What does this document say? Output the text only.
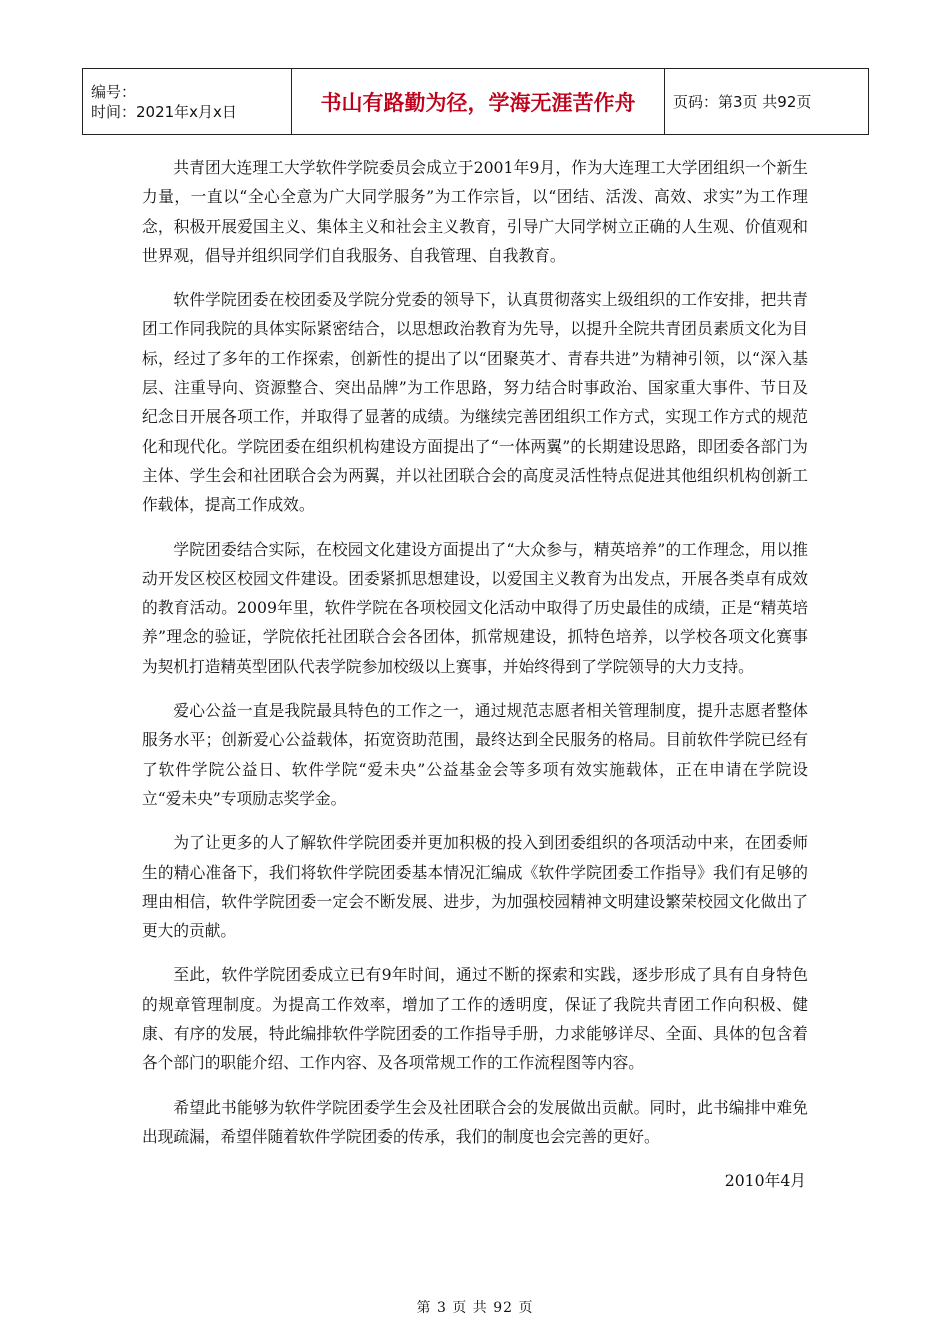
编号：
时间：2021年x月x日	书山有路勤为径，学海无涯苦作舟	页码：第3页 共92页

共青团大连理工大学软件学院委员会成立于2001年9月，作为大连理工大学团组织一个新生力量，一直以“全心全意为广大同学服务”为工作宗旨，以“团结、活泼、高效、求实”为工作理念，积极开展爱国主义、集体主义和社会主义教育，引导广大同学树立正确的人生观、价值观和世界观，倡导并组织同学们自我服务、自我管理、自我教育。

软件学院团委在校团委及学院分党委的领导下，认真贯彻落实上级组织的工作安排，把共青团工作同我院的具体实际紧密结合，以思想政治教育为先导，以提升全院共青团员素质文化为目标，经过了多年的工作探索，创新性的提出了以“团聚英才、青春共进”为精神引领，以“深入基层、注重导向、资源整合、突出品牌”为工作思路，努力结合时事政治、国家重大事件、节日及纪念日开展各项工作，并取得了显著的成绩。为继续完善团组织工作方式，实现工作方式的规范化和现代化。学院团委在组织机构建设方面提出了“一体两翼”的长期建设思路，即团委各部门为主体、学生会和社团联合会为两翼，并以社团联合会的高度灵活性特点促进其他组织机构创新工作载体，提高工作成效。

学院团委结合实际，在校园文化建设方面提出了“大众参与，精英培养”的工作理念，用以推动开发区校区校园文件建设。团委紧抓思想建设，以爱国主义教育为出发点，开展各类卓有成效的教育活动。2009年里，软件学院在各项校园文化活动中取得了历史最佳的成绩，正是“精英培养”理念的验证，学院依托社团联合会各团体，抓常规建设，抓特色培养，以学校各项文化赛事为契机打造精英型团队代表学院参加校级以上赛事，并始终得到了学院领导的大力支持。

爱心公益一直是我院最具特色的工作之一，通过规范志愿者相关管理制度，提升志愿者整体服务水平；创新爱心公益载体，拓宽资助范围，最终达到全民服务的格局。目前软件学院已经有了软件学院公益日、软件学院“爱未央”公益基金会等多项有效实施载体，正在申请在学院设立“爱未央”专项励志奖学金。

为了让更多的人了解软件学院团委并更加积极的投入到团委组织的各项活动中来，在团委师生的精心准备下，我们将软件学院团委基本情况汇编成《软件学院团委工作指导》我们有足够的理由相信，软件学院团委一定会不断发展、进步，为加强校园精神文明建设繁荣校园文化做出了更大的贡献。

至此，软件学院团委成立已有9年时间，通过不断的探索和实践，逐步形成了具有自身特色的规章管理制度。为提高工作效率，增加了工作的透明度，保证了我院共青团工作向积极、健康、有序的发展，特此编排软件学院团委的工作指导手册，力求能够详尽、全面、具体的包含着各个部门的职能介绍、工作内容、及各项常规工作的工作流程图等内容。

希望此书能够为软件学院团委学生会及社团联合会的发展做出贡献。同时，此书编排中难免出现疏漏，希望伴随着软件学院团委的传承，我们的制度也会完善的更好。

2010年4月

第 3 页 共 92 页
